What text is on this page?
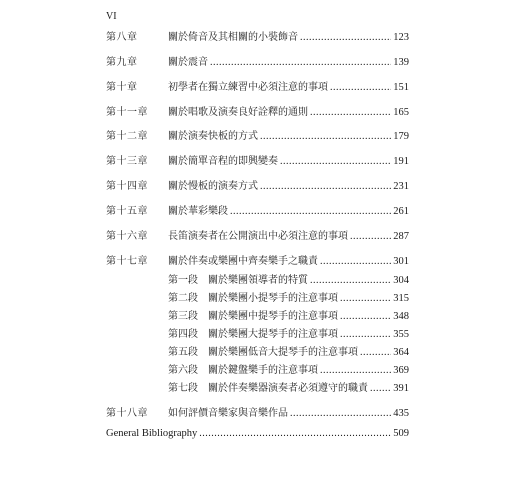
VI
第八章	關於倚音及其相關的小裝飾音 .....	123
第九章	關於震音 .....	139
第十章	初學者在獨立練習中必須注意的事項 .....	151
第十一章 關於唱歌及演奏良好詮釋的通則 .....	165
第十二章 關於演奏快板的方式 .....	179
第十三章 關於簡單音程的即興變奏 .....	191
第十四章 關於慢板的演奏方式 .....	231
第十五章 關於華彩樂段 .....	261
第十六章 長笛演奏者在公開演出中必須注意的事項 .....	287
第十七章 關於伴奏或樂團中齊奏樂手之職責 .....	301
第一段 關於樂團領導者的特質 .....	304
第二段 關於樂團小提琴手的注意事項 .....	315
第三段 關於樂團中提琴手的注意事項 .....	348
第四段 關於樂團大提琴手的注意事項 .....	355
第五段 關於樂團低音大提琴手的注意事項 .....	364
第六段 關於鍵盤樂手的注意事項 .....	369
第七段 關於伴奏樂器演奏者必須遵守的職責 ..... 391
第十八章 如何評價音樂家與音樂作品 .....	435
General Bibliography .....	509
